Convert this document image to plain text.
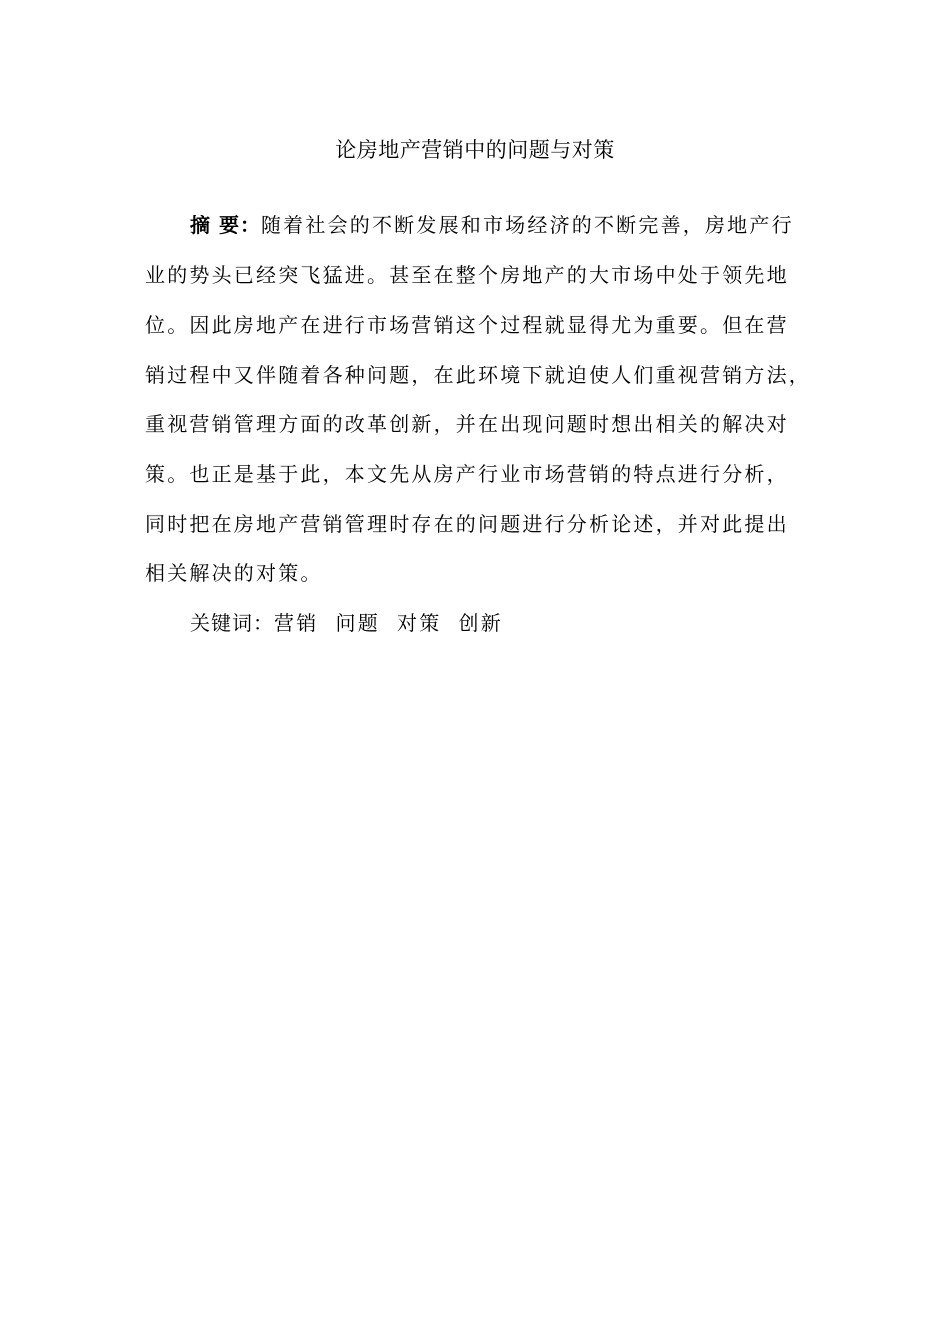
论房地产营销中的问题与对策
摘 要：随着社会的不断发展和市场经济的不断完善，房地产行
业的势头已经突飞猛进。甚至在整个房地产的大市场中处于领先地
位。因此房地产在进行市场营销这个过程就显得尤为重要。但在营
销过程中又伴随着各种问题，在此环境下就迫使人们重视营销方法，
重视营销管理方面的改革创新，并在出现问题时想出相关的解决对
策。也正是基于此，本文先从房产行业市场营销的特点进行分析，
同时把在房地产营销管理时存在的问题进行分析论述，并对此提出
相关解决的对策。
关键词：营销  问题  对策  创新
